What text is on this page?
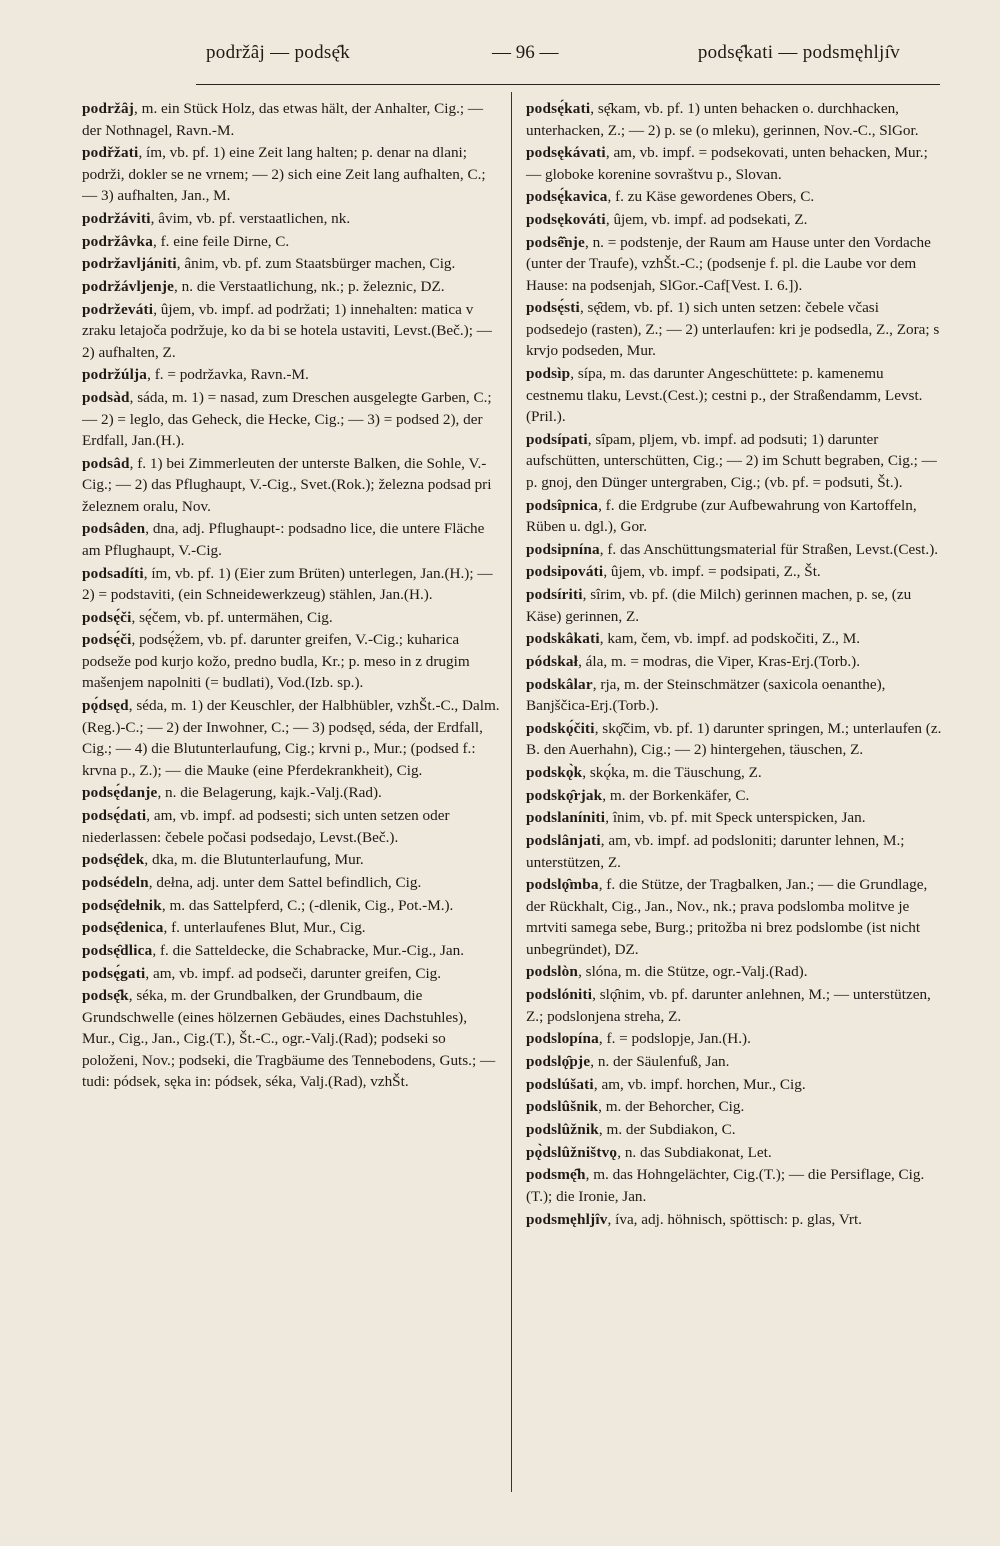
podržȃj — podsę̑k	— 96 —	podsę̑kati — podsmęhljı̑v

podržȃj, m. ein Stück Holz, das etwas hält, der Anhalter, Cig.; — der Nothnagel, Ravn.-M.

podřžati, ím, vb. pf. 1) eine Zeit lang halten; p. denar na dlani; podrži, dokler se ne vrnem; — 2) sich eine Zeit lang aufhalten, C.; — 3) aufhalten, Jan., M.

podržáviti, âvim, vb. pf. verstaatlichen, nk.

podržâvka, f. eine feile Dirne, C.

podržavljániti, ânim, vb. pf. zum Staatsbürger machen, Cig.

podržávljenje, n. die Verstaatlichung, nk.; p. železnic, DZ.

podrževáti, ûjem, vb. impf. ad podržati; 1) innehalten: matica v zraku letajoča podržuje, ko da bi se hotela ustaviti, Levst.(Beč.); — 2) aufhalten, Z.

podržúlja, f. = podržavka, Ravn.-M.

podsàd, sáda, m. 1) = nasad, zum Dreschen ausgelegte Garben, C.; — 2) = leglo, das Geheck, die Hecke, Cig.; — 3) = podsed 2), der Erdfall, Jan.(H.).

podsâd, f. 1) bei Zimmerleuten der unterste Balken, die Sohle, V.-Cig.; — 2) das Pflughaupt, V.-Cig., Svet.(Rok.); železna podsad pri železnem oralu, Nov.

podsâden, dna, adj. Pflughaupt-: podsadno lice, die untere Fläche am Pflughaupt, V.-Cig.

podsadíti, ím, vb. pf. 1) (Eier zum Brüten) unterlegen, Jan.(H.); — 2) = podstaviti, (ein Schneidewerkzeug) stählen, Jan.(H.).

podsę́či, sę́čem, vb. pf. untermähen, Cig.

podsę́či, podsę́žem, vb. pf. darunter greifen, V.-Cig.; kuharica podseže pod kurjo kožo, predno budla, Kr.; p. meso in z drugim mašenjem napolniti (= budlati), Vod.(Izb. sp.).

pǫ́dsęd, séda, m. 1) der Keuschler, der Halbhübler, vzhŠt.-C., Dalm.(Reg.)-C.; — 2) der Inwohner, C.; — 3) podsęd, séda, der Erdfall, Cig.; — 4) die Blutunterlaufung, Cig.; krvni p., Mur.; (podsed f.: krvna p., Z.); — die Mauke (eine Pferdekrankheit), Cig.

podsę́danje, n. die Belagerung, kajk.-Valj.(Rad).

podsę́dati, am, vb. impf. ad podsesti; sich unten setzen oder niederlassen: čebele počasi podsedajo, Levst.(Beč.).

podsę̑dek, dka, m. die Blutunterlaufung, Mur.

podsédeln, dełna, adj. unter dem Sattel befindlich, Cig.

podsę̑dełnik, m. das Sattelpferd, C.; (-dlenik, Cig., Pot.-M.).

podsę̑denica, f. unterlaufenes Blut, Mur., Cig.

podsę̑dlica, f. die Satteldecke, die Schabracke, Mur.-Cig., Jan.

podsę́gati, am, vb. impf. ad podseči, darunter greifen, Cig.

podsę̑k, séka, m. der Grundbalken, der Grundbaum, die Grundschwelle (eines hölzernen Gebäudes, eines Dachstuhles), Mur., Cig., Jan., Cig.(T.), Št.-C., ogr.-Valj.(Rad); podseki so položeni, Nov.; podseki, die Tragbäume des Tennebodens, Guts.; — tudi: pódsek, sęka in: pódsek, séka, Valj.(Rad), vzhŠt.

podsę́kati, sę̑kam, vb. pf. 1) unten behacken o. durchhacken, unterhacken, Z.; — 2) p. se (o mleku), gerinnen, Nov.-C., SlGor.

podsękávati, am, vb. impf. = podsekovati, unten behacken, Mur.; — globoke korenine sovraštvu p., Slovan.

podsę́kavica, f. zu Käse gewordenes Obers, C.

podsękováti, ûjem, vb. impf. ad podsekati, Z.

podsê̂nje, n. = podstenje, der Raum am Hause unter den Vordache (unter der Traufe), vzhŠt.-C.; (podsenje f. pl. die Laube vor dem Hause: na podsenjah, SlGor.-Caf[Vest. I. 6.]).

podsę́sti, sę̑dem, vb. pf. 1) sich unten setzen: čebele včasi podsedejo (rasten), Z.; — 2) unterlaufen: kri je podsedla, Z., Zora; s krvjo podseden, Mur.

podsìp, sípa, m. das darunter Angeschüttete: p. kamenemu cestnemu tlaku, Levst.(Cest.); cestni p., der Straßendamm, Levst.(Pril.).

podsípati, sîpam, pljem, vb. impf. ad podsuti; 1) darunter aufschütten, unterschütten, Cig.; — 2) im Schutt begraben, Cig.; — p. gnoj, den Dünger untergraben, Cig.; (vb. pf. = podsuti, Št.).

podsîpnica, f. die Erdgrube (zur Aufbewahrung von Kartoffeln, Rüben u. dgl.), Gor.

podsipnína, f. das Anschüttungsmaterial für Straßen, Levst.(Cest.).

podsipováti, ûjem, vb. impf. = podsipati, Z., Št.

podsíriti, sîrim, vb. pf. (die Milch) gerinnen machen, p. se, (zu Käse) gerinnen, Z.

podskâkati, kam, čem, vb. impf. ad podskočiti, Z., M.

pódskał, ála, m. = modras, die Viper, Kras-Erj.(Torb.).

podskâlar, rja, m. der Steinschmätzer (saxicola oenanthe), Banjščica-Erj.(Torb.).

podskǫ́čiti, skǫ̑čim, vb. pf. 1) darunter springen, M.; unterlaufen (z. B. den Auerhahn), Cig.; — 2) hintergehen, täuschen, Z.

podskǫ̀k, skǫ́ka, m. die Täuschung, Z.

podskǫ̑rjak, m. der Borkenkäfer, C.

podslaníniti, înim, vb. pf. mit Speck unterspicken, Jan.

podslânjati, am, vb. impf. ad podsloniti; darunter lehnen, M.; unterstützen, Z.

podslǫ̑mba, f. die Stütze, der Tragbalken, Jan.; — die Grundlage, der Rückhalt, Cig., Jan., Nov., nk.; prava podslomba molitve je mrtviti samega sebe, Burg.; pritožba ni brez podslombe (ist nicht unbegründet), DZ.

podslòn, slóna, m. die Stütze, ogr.-Valj.(Rad).

podslóniti, slǫ̑nim, vb. pf. darunter anlehnen, M.; — unterstützen, Z.; podslonjena streha, Z.

podslopína, f. = podslopje, Jan.(H.).

podslǫ̑pje, n. der Säulenfuß, Jan.

podslúšati, am, vb. impf. horchen, Mur., Cig.

podslûšnik, m. der Behorcher, Cig.

podslûžnik, m. der Subdiakon, C.

pǫ̀dslûžništvǫ, n. das Subdiakonat, Let.

podsmę̑h, m. das Hohngelächter, Cig.(T.); — die Persiflage, Cig.(T.); die Ironie, Jan.

podsmęhljîv, íva, adj. höhnisch, spöttisch: p. glas, Vrt.
